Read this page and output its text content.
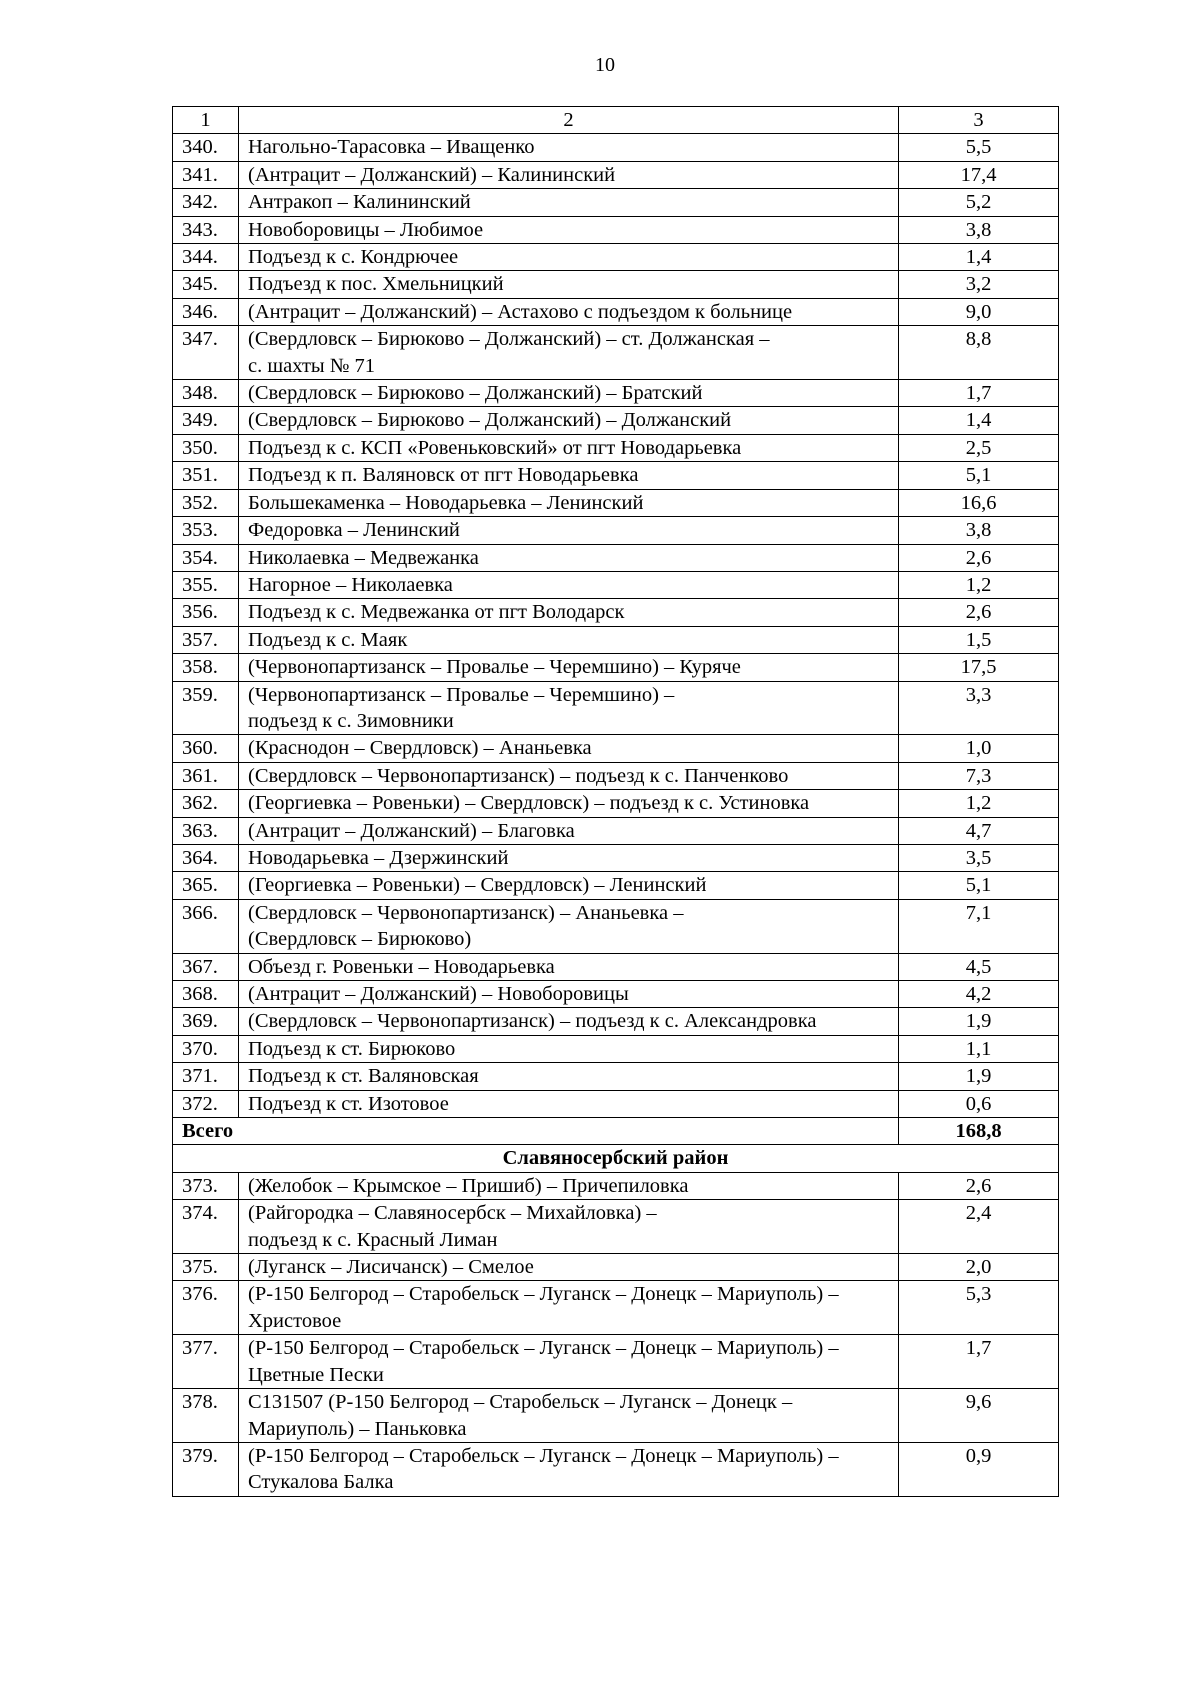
10
1	2	3
340.	Нагольно-Тарасовка – Иващенко	5,5
341.	(Антрацит – Должанский) – Калининский	17,4
342.	Антракоп – Калининский	5,2
343.	Новоборовицы – Любимое	3,8
344.	Подъезд к с. Кондрючее	1,4
345.	Подъезд к пос. Хмельницкий	3,2
346.	(Антрацит – Должанский) – Астахово с подъездом к больнице	9,0
347.	(Свердловск – Бирюково – Должанский) – ст. Должанская –
с. шахты № 71	8,8
348.	(Свердловск – Бирюково – Должанский) – Братский	1,7
349.	(Свердловск – Бирюково – Должанский) – Должанский	1,4
350.	Подъезд к с. КСП «Ровеньковский» от пгт Новодарьевка	2,5
351.	Подъезд к п. Валяновск от пгт Новодарьевка	5,1
352.	Большекаменка – Новодарьевка – Ленинский	16,6
353.	Федоровка – Ленинский	3,8
354.	Николаевка – Медвежанка	2,6
355.	Нагорное – Николаевка	1,2
356.	Подъезд к с. Медвежанка от пгт Володарск	2,6
357.	Подъезд к с. Маяк	1,5
358.	(Червонопартизанск – Провалье – Черемшино) – Куряче	17,5
359.	(Червонопартизанск – Провалье – Черемшино) –
подъезд к с. Зимовники	3,3
360.	(Краснодон – Свердловск) – Ананьевка	1,0
361.	(Свердловск – Червонопартизанск) – подъезд к с. Панченково	7,3
362.	(Георгиевка – Ровеньки) – Свердловск) – подъезд к с. Устиновка	1,2
363.	(Антрацит – Должанский) – Благовка	4,7
364.	Новодарьевка – Дзержинский	3,5
365.	(Георгиевка – Ровеньки) – Свердловск) – Ленинский	5,1
366.	(Свердловск – Червонопартизанск) – Ананьевка –
(Свердловск – Бирюково)	7,1
367.	Объезд г. Ровеньки – Новодарьевка	4,5
368.	(Антрацит – Должанский) – Новоборовицы	4,2
369.	(Свердловск – Червонопартизанск) – подъезд к с. Александровка	1,9
370.	Подъезд к ст. Бирюково	1,1
371.	Подъезд к ст. Валяновская	1,9
372.	Подъезд к ст. Изотовое	0,6
Всего		168,8
Славяносербский район		
373.	(Желобок – Крымское – Пришиб) – Причепиловка	2,6
374.	(Райгородка – Славяносербск – Михайловка) –
подъезд к с. Красный Лиман	2,4
375.	(Луганск – Лисичанск) – Смелое	2,0
376.	(Р-150 Белгород – Старобельск – Луганск – Донецк – Мариуполь) –
Христовое	5,3
377.	(Р-150 Белгород – Старобельск – Луганск – Донецк – Мариуполь) –
Цветные Пески	1,7
378.	С131507 (Р-150 Белгород – Старобельск – Луганск – Донецк –
Мариуполь) – Паньковка	9,6
379.	(Р-150 Белгород – Старобельск – Луганск – Донецк – Мариуполь) –
Стукалова Балка	0,9
